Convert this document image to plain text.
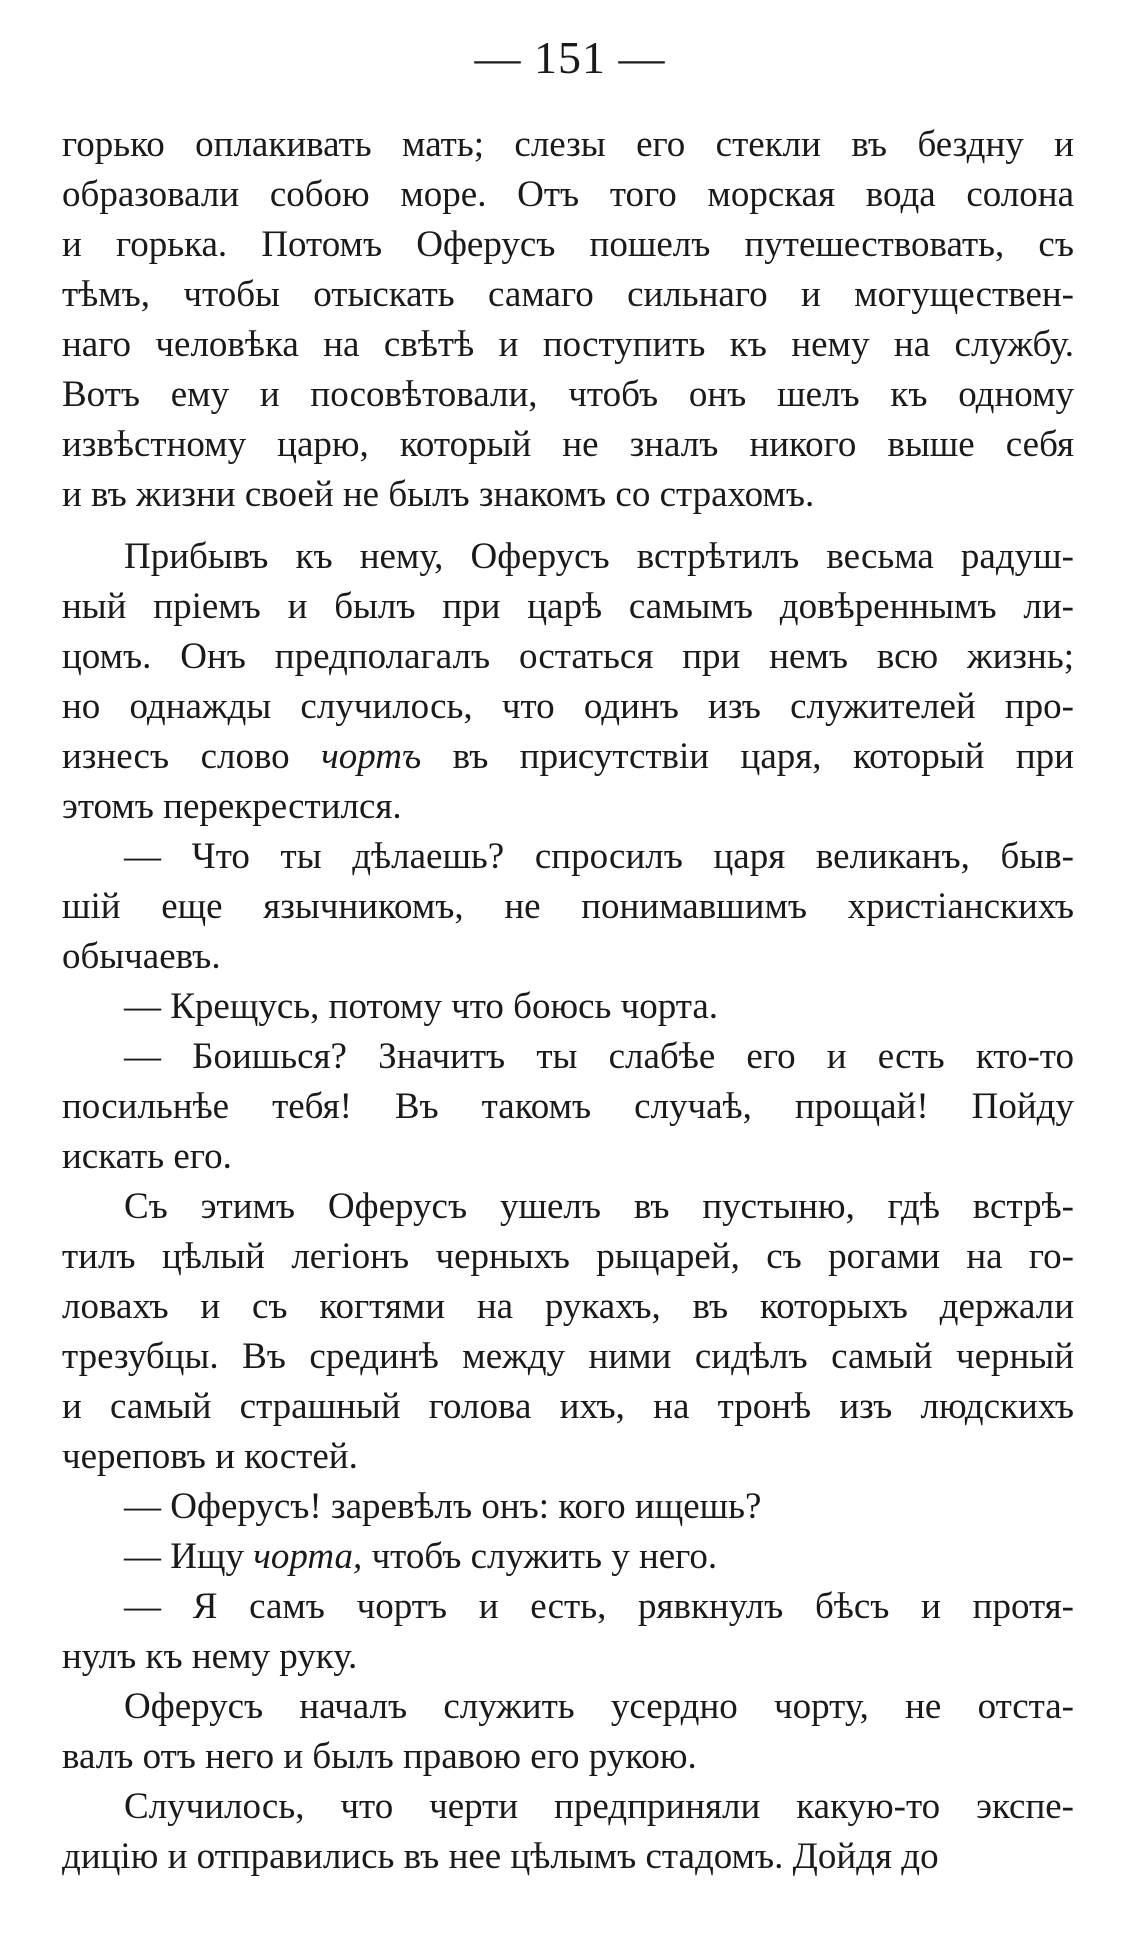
— 151 —
горько оплакивать мать; слезы его стекли въ бездну и
образовали собою море. Отъ того морская вода солона
и горька. Потомъ Оферусъ пошелъ путешествовать, съ
тѣмъ, чтобы отыскать самаго сильнаго и могуществен-
наго человѣка на свѣтѣ и поступить къ нему на службу.
Вотъ ему и посовѣтовали, чтобъ онъ шелъ къ одному
извѣстному царю, который не зналъ никого выше себя
и въ жизни своей не былъ знакомъ со страхомъ.
Прибывъ къ нему, Оферусъ встрѣтилъ весьма радуш-
ный пріемъ и былъ при царѣ самымъ довѣреннымъ ли-
цомъ. Онъ предполагалъ остаться при немъ всю жизнь;
но однажды случилось, что одинъ изъ служителей про-
изнесъ слово чортъ въ присутствіи царя, который при
этомъ перекрестился.
— Что ты дѣлаешь? спросилъ царя великанъ, быв-
шій еще язычникомъ, не понимавшимъ христіанскихъ
обычаевъ.
— Крещусь, потому что боюсь чорта.
— Боишься? Значитъ ты слабѣе его и есть кто-то
посильнѣе тебя! Въ такомъ случаѣ, прощай! Пойду
искать его.
Съ этимъ Оферусъ ушелъ въ пустыню, гдѣ встрѣ-
тилъ цѣлый легіонъ черныхъ рыцарей, съ рогами на го-
ловахъ и съ когтями на рукахъ, въ которыхъ держали
трезубцы. Въ срединѣ между ними сидѣлъ самый черный
и самый страшный голова ихъ, на тронѣ изъ людскихъ
череповъ и костей.
— Оферусъ! заревѣлъ онъ: кого ищешь?
— Ищу чорта, чтобъ служить у него.
— Я самъ чортъ и есть, рявкнулъ бѣсъ и протя-
нулъ къ нему руку.
Оферусъ началъ служить усердно чорту, не отста-
валъ отъ него и былъ правою его рукою.
Случилось, что черти предприняли какую-то экспе-
дицію и отправились въ нее цѣлымъ стадомъ. Дойдя до
